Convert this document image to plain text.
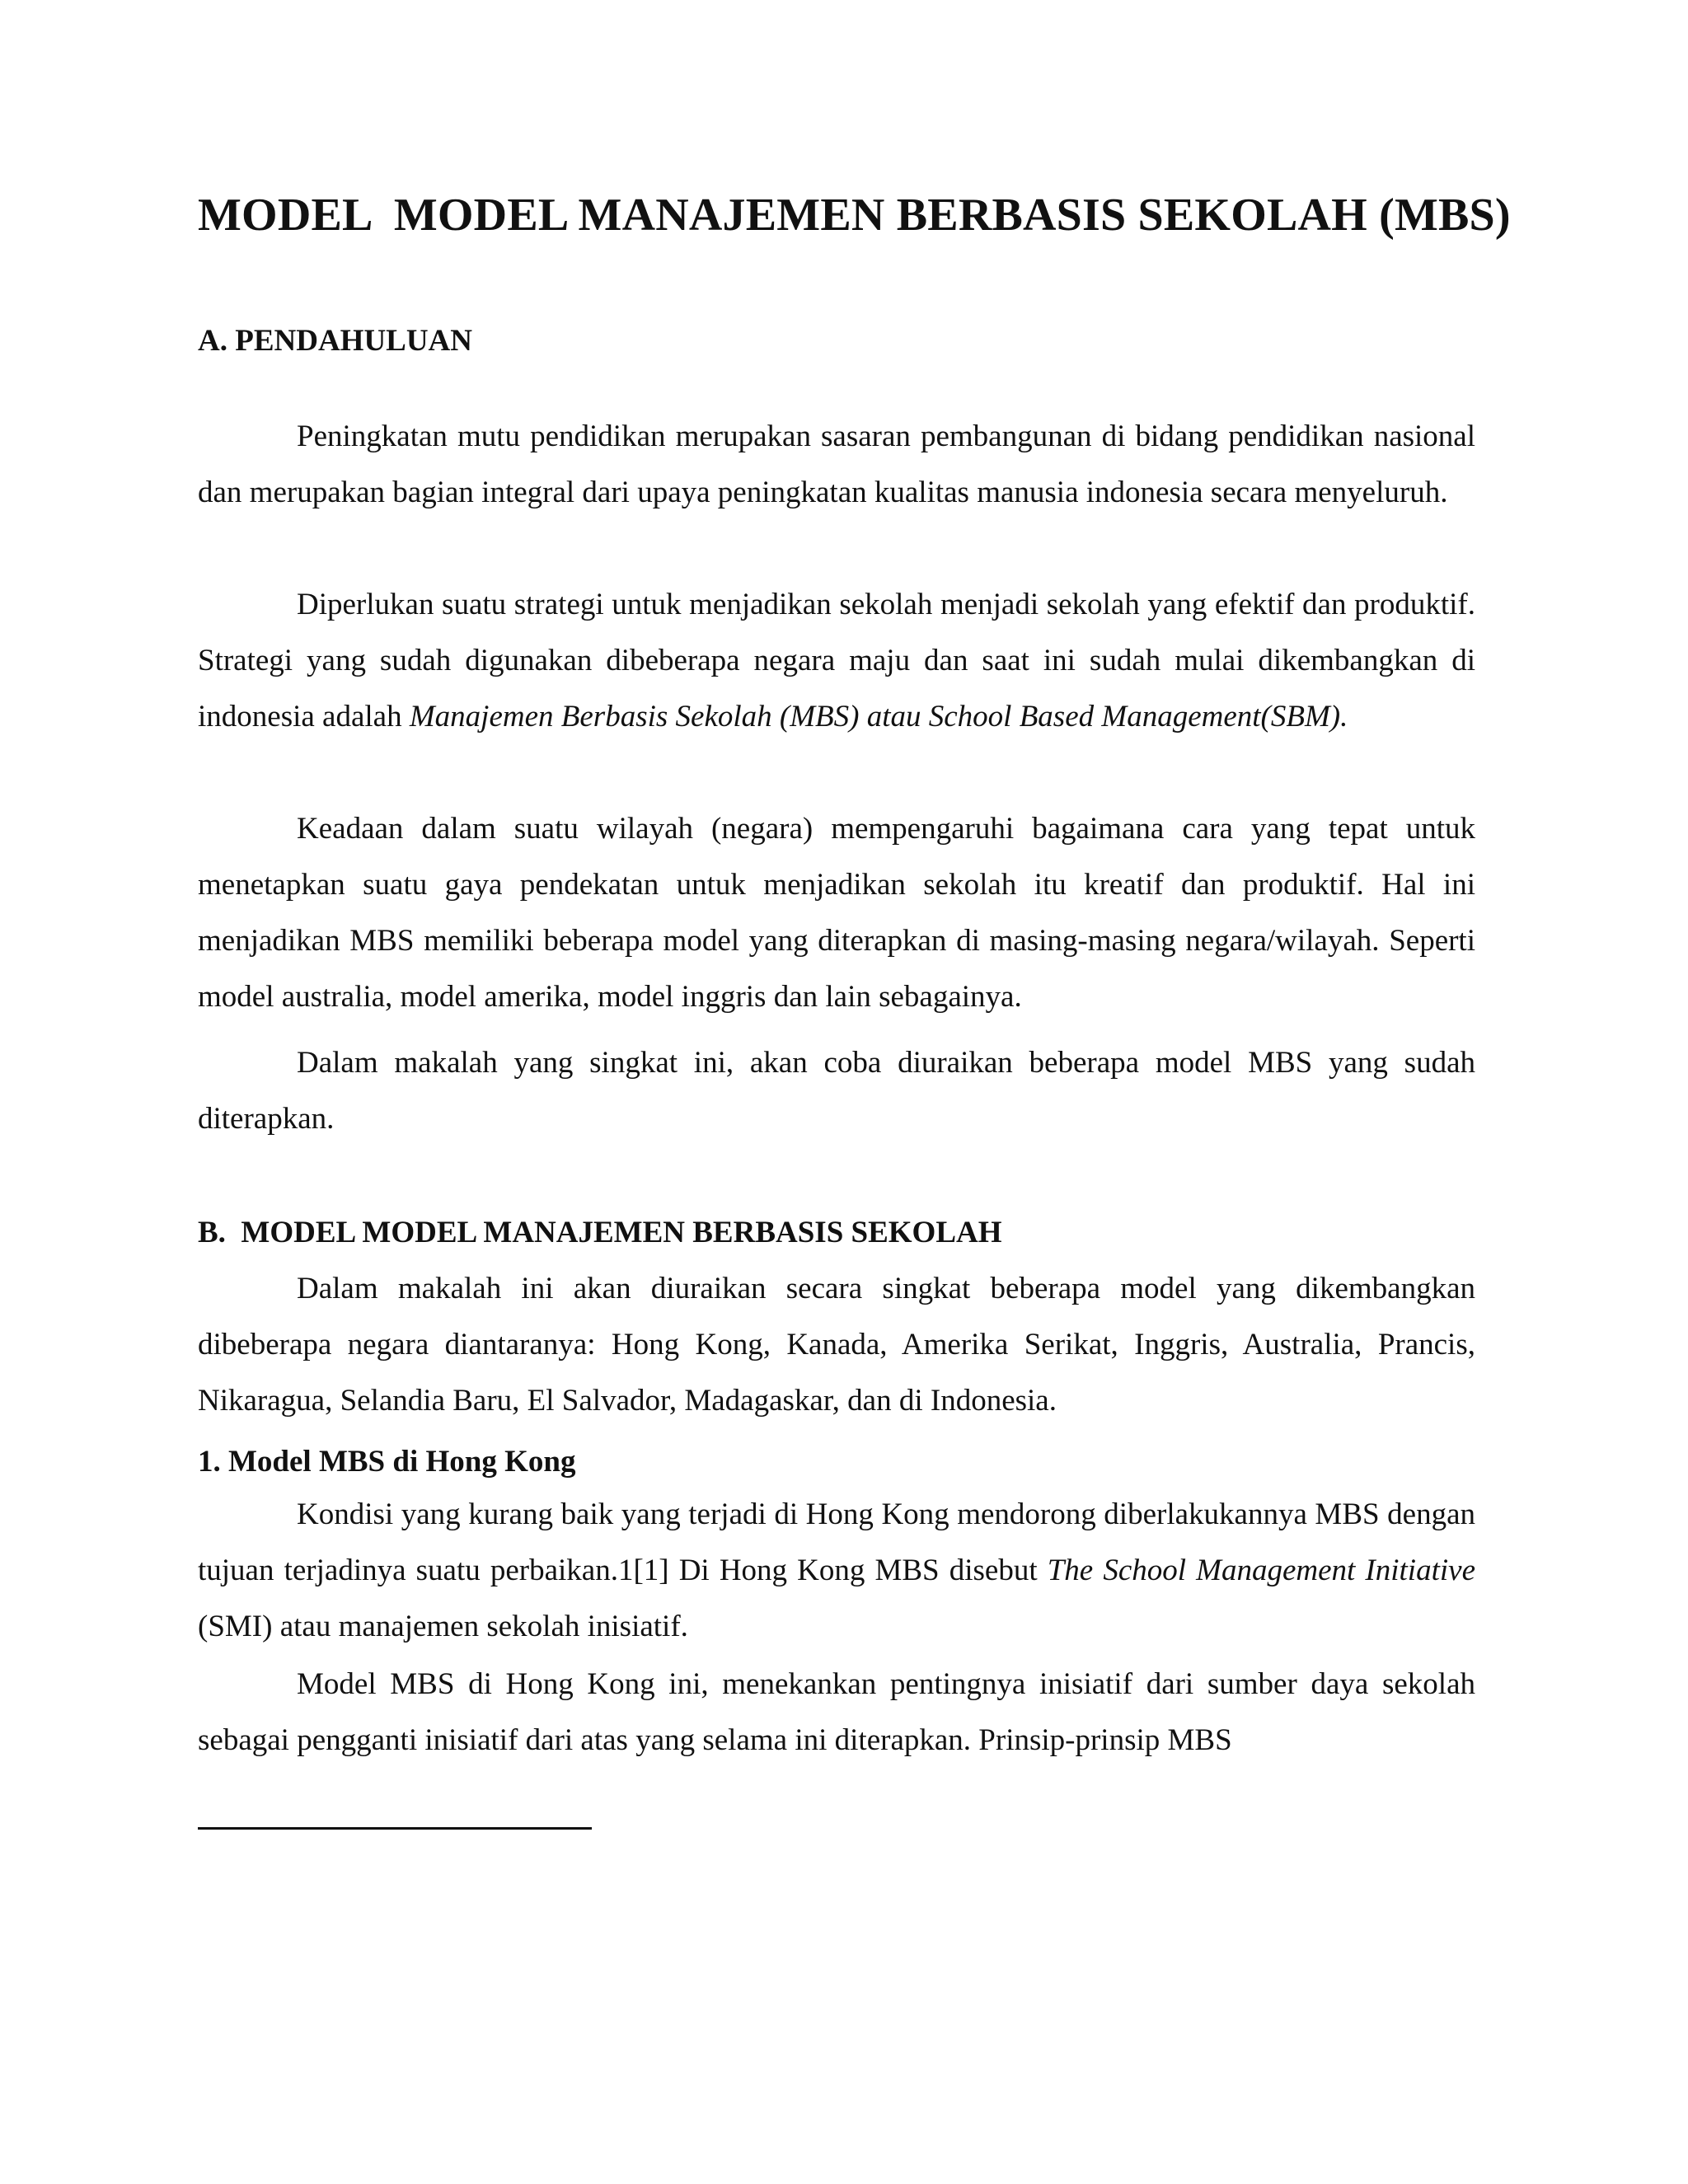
MODEL  MODEL MANAJEMEN BERBASIS SEKOLAH (MBS)
A. PENDAHULUAN

Peningkatan mutu pendidikan merupakan sasaran pembangunan di bidang pendidikan nasional dan merupakan bagian integral dari upaya peningkatan kualitas manusia indonesia secara menyeluruh.

Diperlukan suatu strategi untuk menjadikan sekolah menjadi sekolah yang efektif dan produktif. Strategi yang sudah digunakan dibeberapa negara maju dan saat ini sudah mulai dikembangkan di indonesia adalah Manajemen Berbasis Sekolah (MBS) atau School Based Management(SBM).

Keadaan dalam suatu wilayah (negara) mempengaruhi bagaimana cara yang tepat untuk menetapkan suatu gaya pendekatan untuk menjadikan sekolah itu kreatif dan produktif. Hal ini menjadikan MBS memiliki beberapa model yang diterapkan di masing-masing negara/wilayah. Seperti model australia, model amerika, model inggris dan lain sebagainya.

Dalam makalah yang singkat ini, akan coba diuraikan beberapa model MBS yang sudah diterapkan.

B.  MODEL MODEL MANAJEMEN BERBASIS SEKOLAH

Dalam makalah ini akan diuraikan secara singkat beberapa model yang dikembangkan dibeberapa negara diantaranya: Hong Kong, Kanada, Amerika Serikat, Inggris, Australia, Prancis, Nikaragua, Selandia Baru, El Salvador, Madagaskar, dan di Indonesia.

1. Model MBS di Hong Kong

Kondisi yang kurang baik yang terjadi di Hong Kong mendorong diberlakukannya MBS dengan tujuan terjadinya suatu perbaikan.1[1] Di Hong Kong MBS disebut The School Management Initiative (SMI) atau manajemen sekolah inisiatif.

Model MBS di Hong Kong ini, menekankan pentingnya inisiatif dari sumber daya sekolah sebagai pengganti inisiatif dari atas yang selama ini diterapkan. Prinsip-prinsip MBS
